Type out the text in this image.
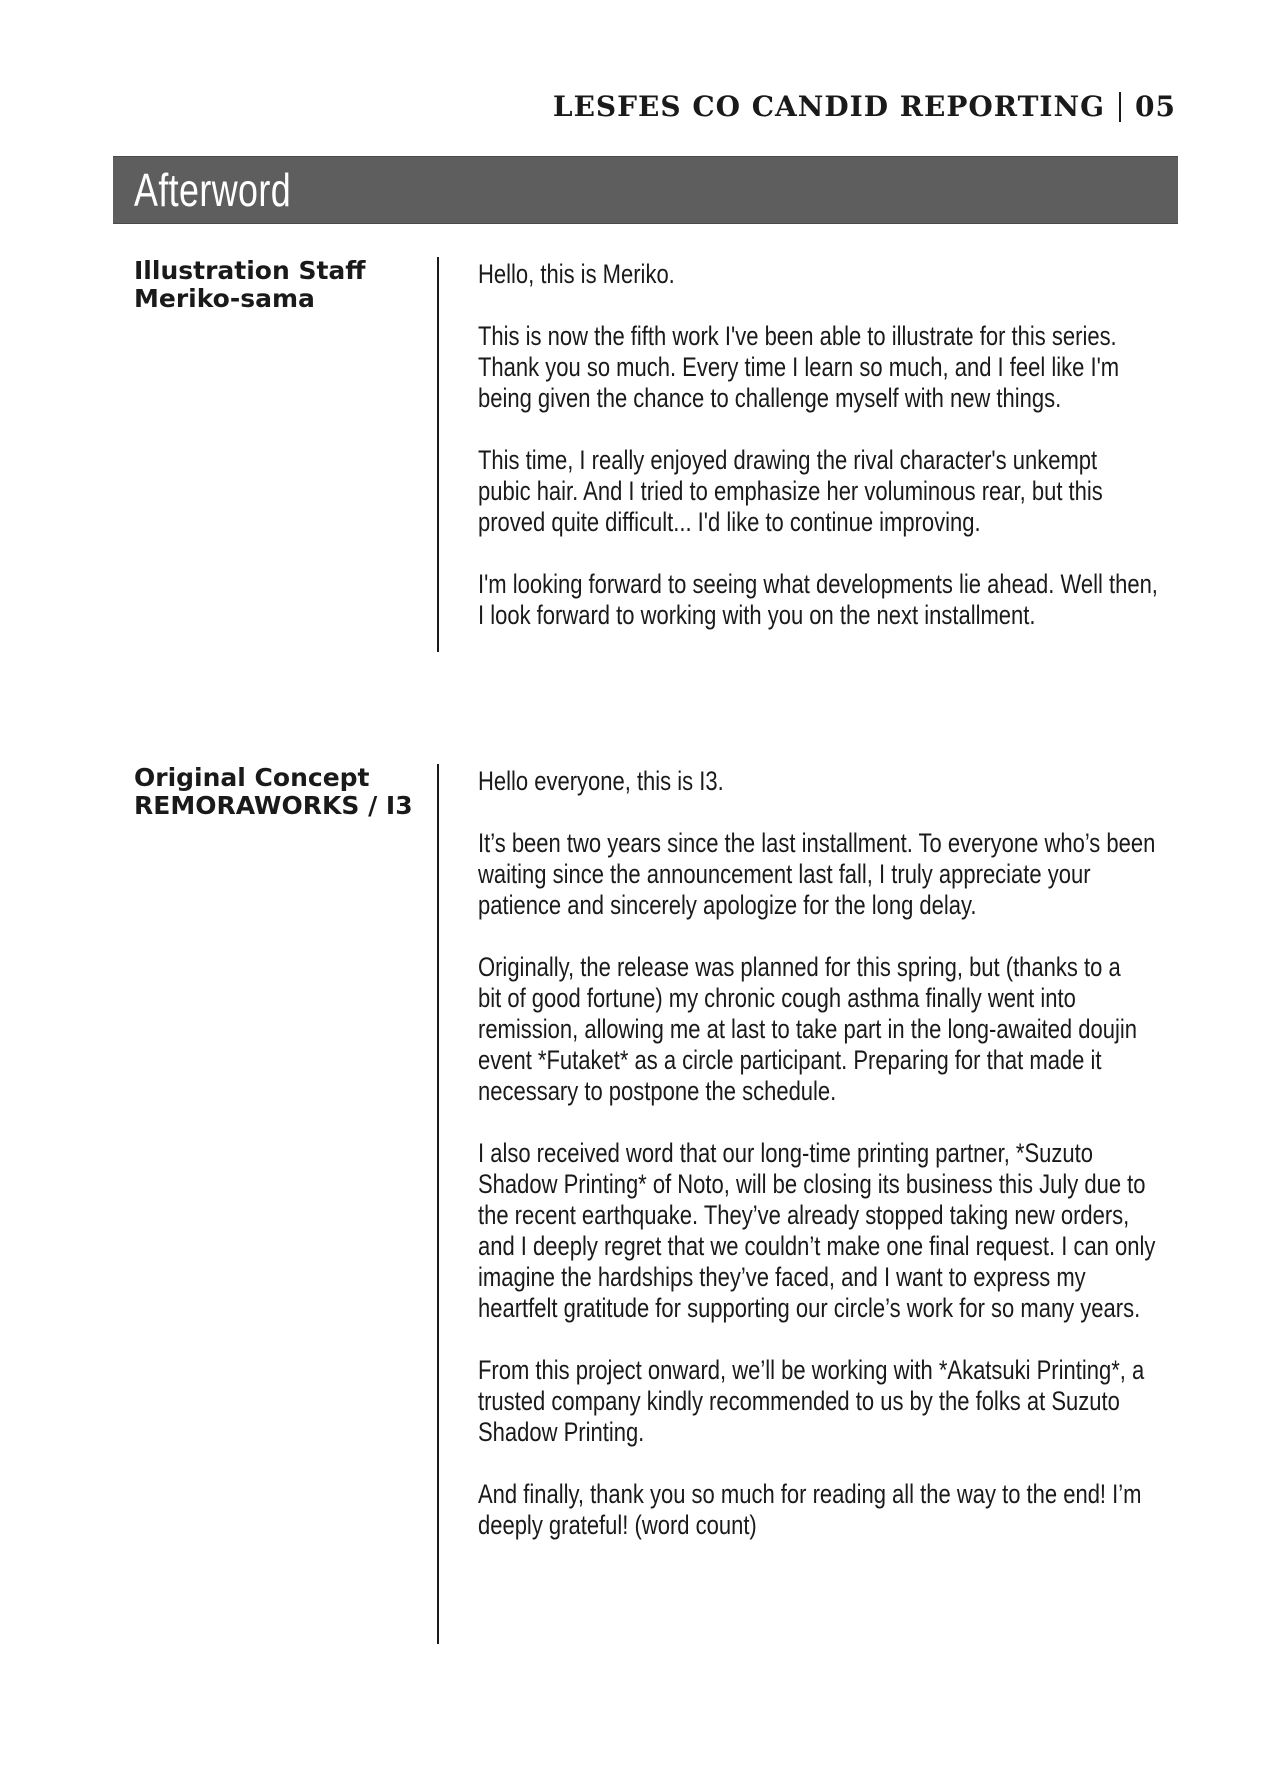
LESFES CO CANDID REPORTING 05
Afterword
Illustration Staff
Meriko-sama

Hello, this is Meriko.

This is now the fifth work I've been able to illustrate for this series.
Thank you so much. Every time I learn so much, and I feel like I'm
being given the chance to challenge myself with new things.

This time, I really enjoyed drawing the rival character's unkempt
pubic hair. And I tried to emphasize her voluminous rear, but this
proved quite difficult... I'd like to continue improving.

I'm looking forward to seeing what developments lie ahead. Well then,
I look forward to working with you on the next installment.

Original Concept
REMORAWORKS / I3

Hello everyone, this is I3.

It’s been two years since the last installment. To everyone who’s been
waiting since the announcement last fall, I truly appreciate your
patience and sincerely apologize for the long delay.

Originally, the release was planned for this spring, but (thanks to a
bit of good fortune) my chronic cough asthma finally went into
remission, allowing me at last to take part in the long-awaited doujin
event *Futaket* as a circle participant. Preparing for that made it
necessary to postpone the schedule.

I also received word that our long-time printing partner, *Suzuto
Shadow Printing* of Noto, will be closing its business this July due to
the recent earthquake. They’ve already stopped taking new orders,
and I deeply regret that we couldn’t make one final request. I can only
imagine the hardships they’ve faced, and I want to express my
heartfelt gratitude for supporting our circle’s work for so many years.

From this project onward, we’ll be working with *Akatsuki Printing*, a
trusted company kindly recommended to us by the folks at Suzuto
Shadow Printing.

And finally, thank you so much for reading all the way to the end! I’m
deeply grateful! (word count)
